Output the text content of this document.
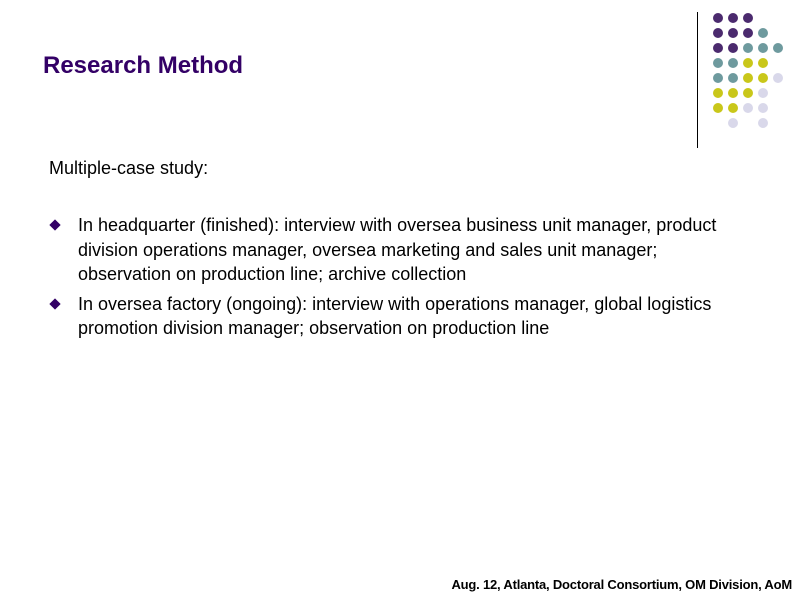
Research Method
Multiple-case study:
In headquarter (finished): interview with oversea business unit manager, product division operations manager, oversea marketing and sales unit manager; observation on production line; archive collection
In oversea factory (ongoing): interview with operations manager, global logistics promotion division manager; observation on production line
Aug. 12, Atlanta, Doctoral Consortium, OM Division, AoM
